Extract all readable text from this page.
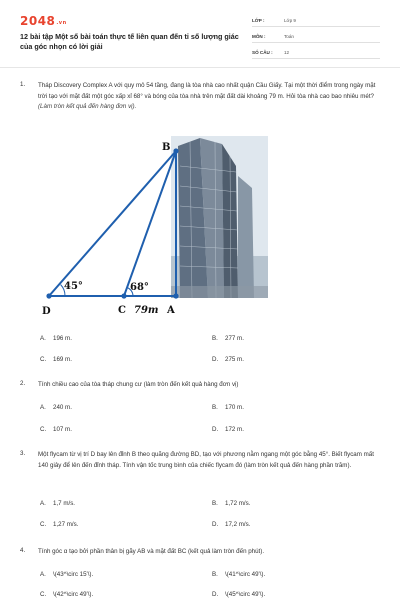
$2048^{.vn}$
12 bài tập Một số bài toán thực tế liên quan đến tỉ số lượng giác của góc nhọn có lời giải
LỚP :	Lớp 9
MÔN :	Toán
SỐ CÂU :	12
1. Tháp Discovery Complex A với quy mô 54 tầng, đang là tòa nhà cao nhất quận Cầu Giấy. Tại một thời điểm trong ngày mặt trời tạo với mặt đất một góc xấp xỉ 68° và bóng của tòa nhà trên mặt đất dài khoảng 79 m. Hỏi tòa nhà cao bao nhiêu mét? (Làm tròn kết quả đến hàng đơn vị).
B
D	C	A
45°	68°
79m
A. 196 m.	B. 277 m.
C. 169 m.	D. 275 m.
2. Tính chiều cao của tòa tháp chung cư (làm tròn đến kết quả hàng đơn vị)
A. 240 m.	B. 170 m.
C. 107 m.	D. 172 m.
3. Một flycam từ vị trí D bay lên đỉnh B theo quãng đường BD, tạo với phương nằm ngang một góc bằng 45°. Biết flycam mất 140 giây để lên đến đỉnh tháp. Tính vận tốc trung bình của chiếc flycam đó (làm tròn kết quả đến hàng phần trăm).
A. 1,7 m/s.	B. 1,72 m/s.
C. 1,27 m/s.	D. 17,2 m/s.
4. Tính góc α tạo bởi phần thân bị gãy AB và mặt đất BC (kết quả làm tròn đến phút).
A. \(43^\circ 15'\).	B. \(41^\circ 49'\).
C. \(42^\circ 49'\).	D. \(45^\circ 49'\).
